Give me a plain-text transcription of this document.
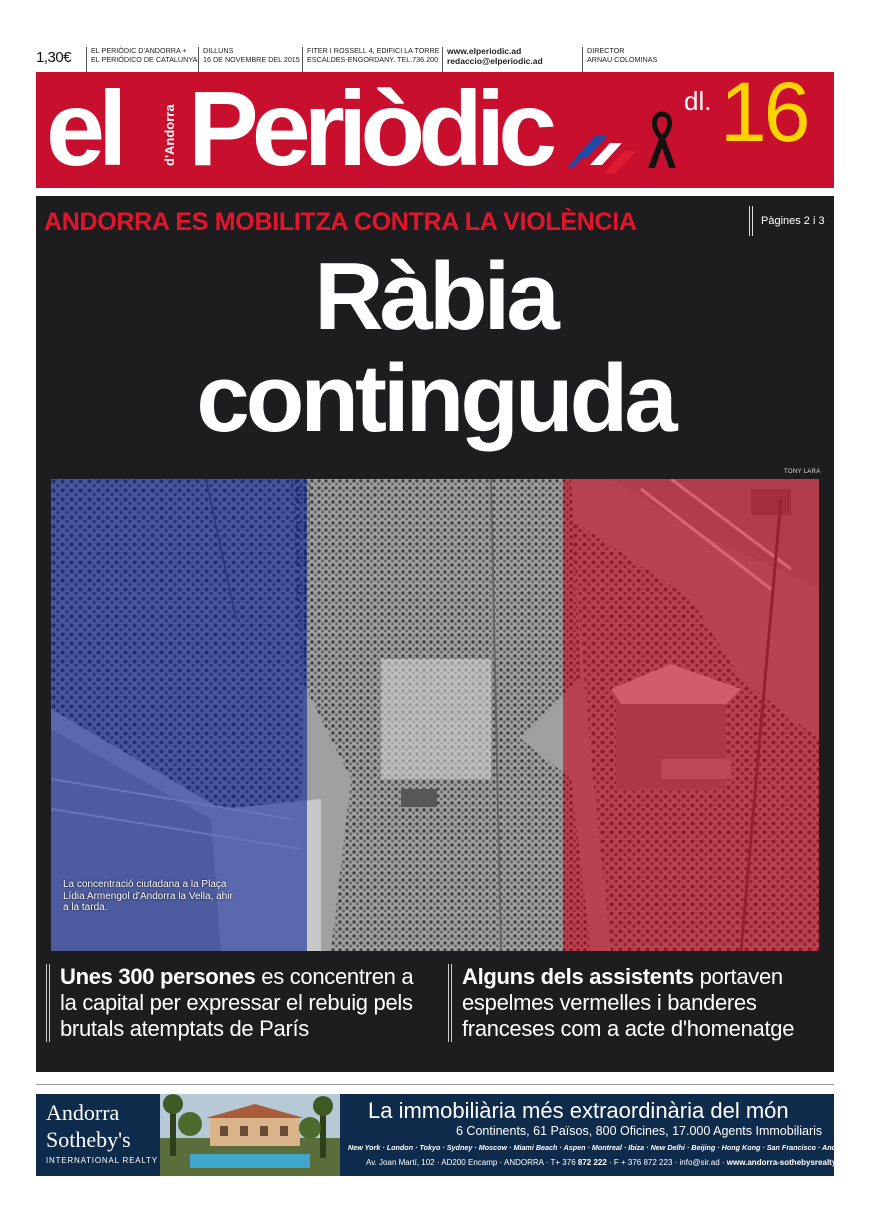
1,30€	EL PERIÒDIC D'ANDORRA +
EL PERIÓDICO DE CATALUNYA
DILLUNS
16 DE NOVEMBRE DEL 2015
FITER I ROSSELL 4, EDIFICI LA TORRE
ESCALDES-ENGORDANY. TEL.736.200
www.elperiodic.ad
redaccio@elperiodic.ad
DIRECTOR
ARNAU COLOMINAS
el	d'Andorra Periòdic	dl. 16
ANDORRA ES MOBILITZA CONTRA LA VIOLÈNCIA	Pàgines 2 i 3
Ràbia
continguda
TONY LARA
La concentració ciutadana a la Plaça Lídia Armengol d'Andorra la Vella, ahir a la tarda.
Unes 300 persones es concentren a la capital per expressar el rebuig pels brutals atemptats de París
Alguns dels assistents portaven espelmes vermelles i banderes franceses com a acte d'homenatge
Andorra
Sotheby's
INTERNATIONAL REALTY
La immobiliària més extraordinària del món
6 Continents, 61 Països, 800 Oficines, 17.000 Agents Immobiliaris
New York · London · Tokyo · Sydney · Moscow · Miami Beach · Aspen · Montreal · Ibiza · New Delhi · Beijing · Hong Kong · San Francisco · Andorra
Av. Joan Martí, 102 · AD200 Encamp · ANDORRA · T+ 376 872 222 · F + 376 872 223 · info@sir.ad · www.andorra-sothebysrealty.ad
